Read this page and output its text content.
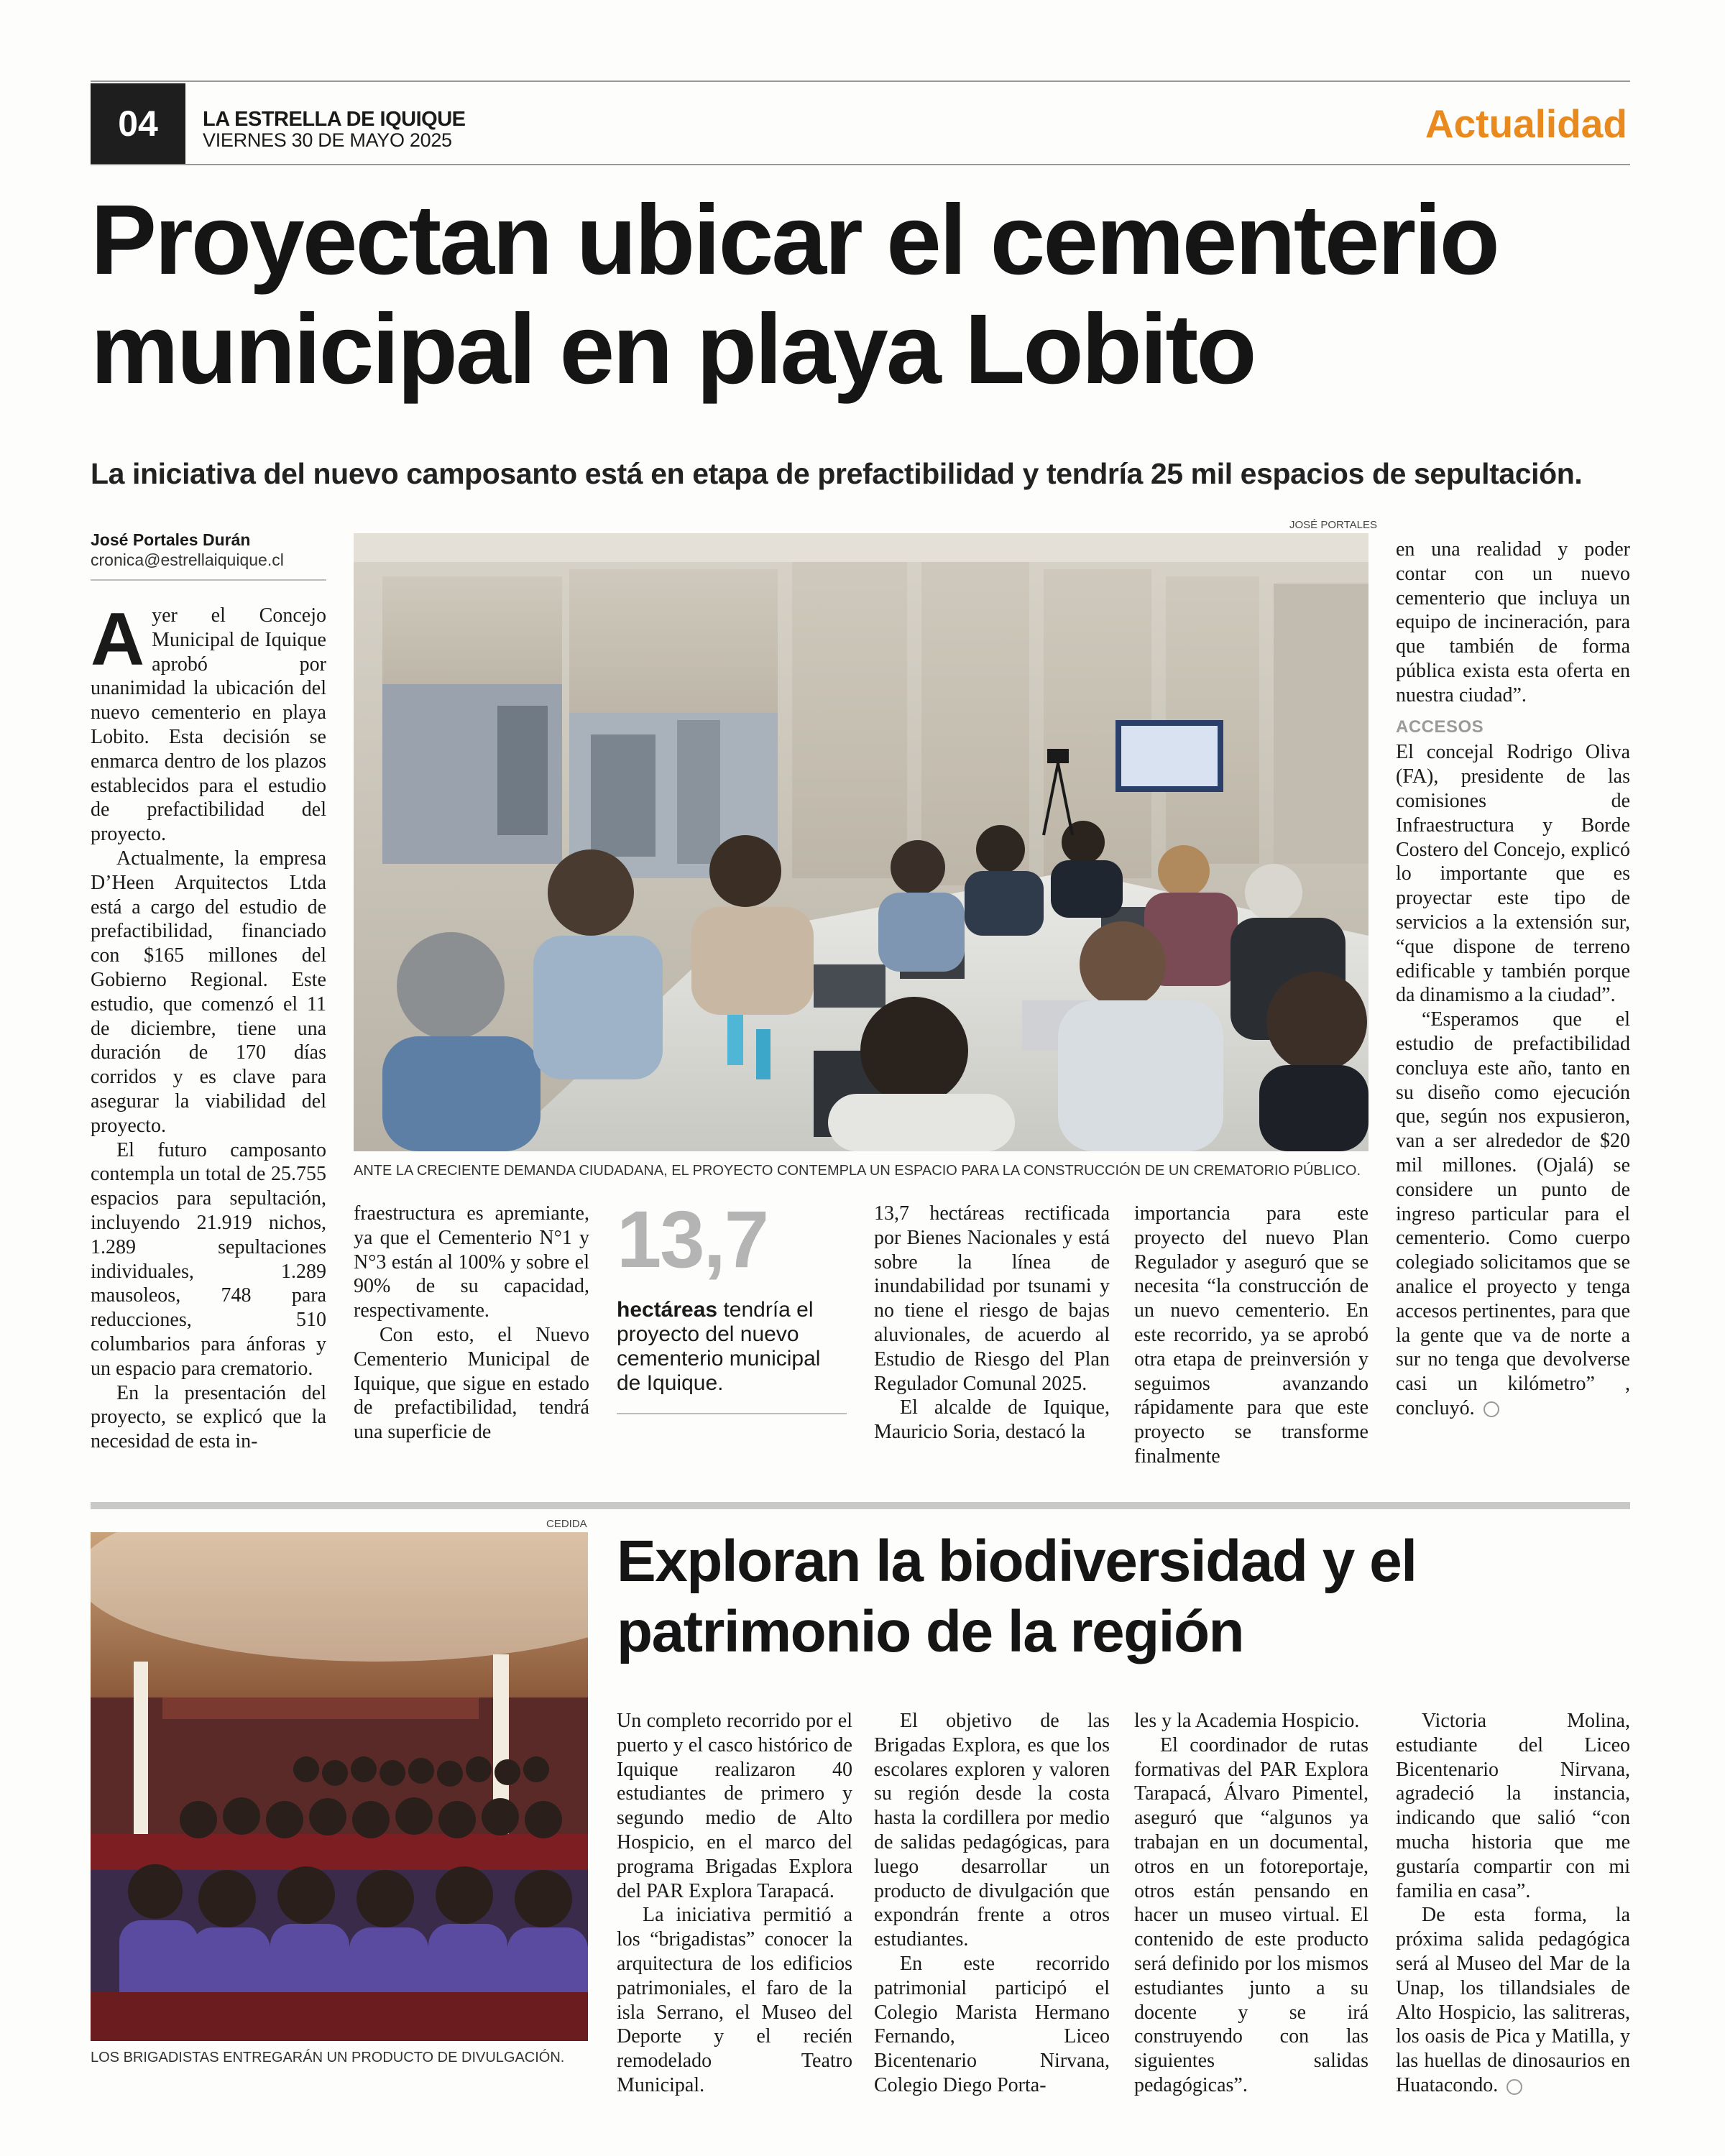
04	LA ESTRELLA DE IQUIQUE
VIERNES 30 DE MAYO 2025	Actualidad
Proyectan ubicar el cementerio municipal en playa Lobito
La iniciativa del nuevo camposanto está en etapa de prefactibilidad y tendría 25 mil espacios de sepultación.
José Portales Durán
cronica@estrellaiquique.cl
JOSÉ PORTALES
ANTE LA CRECIENTE DEMANDA CIUDADANA, EL PROYECTO CONTEMPLA UN ESPACIO PARA LA CONSTRUCCIÓN DE UN CREMATORIO PÚBLICO.

Ayer el Concejo Municipal de Iquique aprobó por unanimidad la ubicación del nuevo cementerio en playa Lobito. Esta decisión se enmarca dentro de los plazos establecidos para el estudio de prefactibilidad del proyecto.

Actualmente, la empresa D’Heen Arquitectos Ltda está a cargo del estudio de prefactibilidad, financiado con $165 millones del Gobierno Regional. Este estudio, que comenzó el 11 de diciembre, tiene una duración de 170 días corridos y es clave para asegurar la viabilidad del proyecto.

El futuro camposanto contempla un total de 25.755 espacios para sepultación, incluyendo 21.919 nichos, 1.289 sepultaciones individuales, 1.289 mausoleos, 748 para reducciones, 510 columbarios para ánforas y un espacio para crematorio.

En la presentación del proyecto, se explicó que la necesidad de esta in-

fraestructura es apremiante, ya que el Cementerio N°1 y N°3 están al 100% y sobre el 90% de su capacidad, respectivamente.

Con esto, el Nuevo Cementerio Municipal de Iquique, que sigue en estado de prefactibilidad, tendrá una superficie de

13,7
hectáreas tendría el proyecto del nuevo cementerio municipal de Iquique.

13,7 hectáreas rectificada por Bienes Nacionales y está sobre la línea de inundabilidad por tsunami y no tiene el riesgo de bajas aluvionales, de acuerdo al Estudio de Riesgo del Plan Regulador Comunal 2025.

El alcalde de Iquique, Mauricio Soria, destacó la

importancia para este proyecto del nuevo Plan Regulador y aseguró que se necesita “la construcción de un nuevo cementerio. En este recorrido, ya se aprobó otra etapa de preinversión y seguimos avanzando rápidamente para que este proyecto se transforme finalmente

en una realidad y poder contar con un nuevo cementerio que incluya un equipo de incineración, para que también de forma pública exista esta oferta en nuestra ciudad”.

ACCESOS

El concejal Rodrigo Oliva (FA), presidente de las comisiones de Infraestructura y Borde Costero del Concejo, explicó lo importante que es proyectar este tipo de servicios a la extensión sur, “que dispone de terreno edificable y también porque da dinamismo a la ciudad”.

“Esperamos que el estudio de prefactibilidad concluya este año, tanto en su diseño como ejecución que, según nos expusieron, van a ser alrededor de $20 mil millones. (Ojalá) se considere un punto de ingreso particular para el cementerio. Como cuerpo colegiado solicitamos que se analice el proyecto y tenga accesos pertinentes, para que la gente que va de norte a sur no tenga que devolverse casi un kilómetro” , concluyó.

CEDIDA
LOS BRIGADISTAS ENTREGARÁN UN PRODUCTO DE DIVULGACIÓN.
Exploran la biodiversidad y el patrimonio de la región

Un completo recorrido por el puerto y el casco histórico de Iquique realizaron 40 estudiantes de primero y segundo medio de Alto Hospicio, en el marco del programa Brigadas Explora del PAR Explora Tarapacá.

La iniciativa permitió a los “brigadistas” conocer la arquitectura de los edificios patrimoniales, el faro de la isla Serrano, el Museo del Deporte y el recién remodelado Teatro Municipal.

El objetivo de las Brigadas Explora, es que los escolares exploren y valoren su región desde la costa hasta la cordillera por medio de salidas pedagógicas, para luego desarrollar un producto de divulgación que expondrán frente a otros estudiantes.

En este recorrido patrimonial participó el Colegio Marista Hermano Fernando, Liceo Bicentenario Nirvana, Colegio Diego Porta-

les y la Academia Hospicio.

El coordinador de rutas formativas del PAR Explora Tarapacá, Álvaro Pimentel, aseguró que “algunos ya trabajan en un documental, otros en un fotoreportaje, otros están pensando en hacer un museo virtual. El contenido de este producto será definido por los mismos estudiantes junto a su docente y se irá construyendo con las siguientes salidas pedagógicas”.

Victoria Molina, estudiante del Liceo Bicentenario Nirvana, agradeció la instancia, indicando que salió “con mucha historia que me gustaría compartir con mi familia en casa”.

De esta forma, la próxima salida pedagógica será al Museo del Mar de la Unap, los tillandsiales de Alto Hospicio, las salitreras, los oasis de Pica y Matilla, y las huellas de dinosaurios en Huatacondo.
